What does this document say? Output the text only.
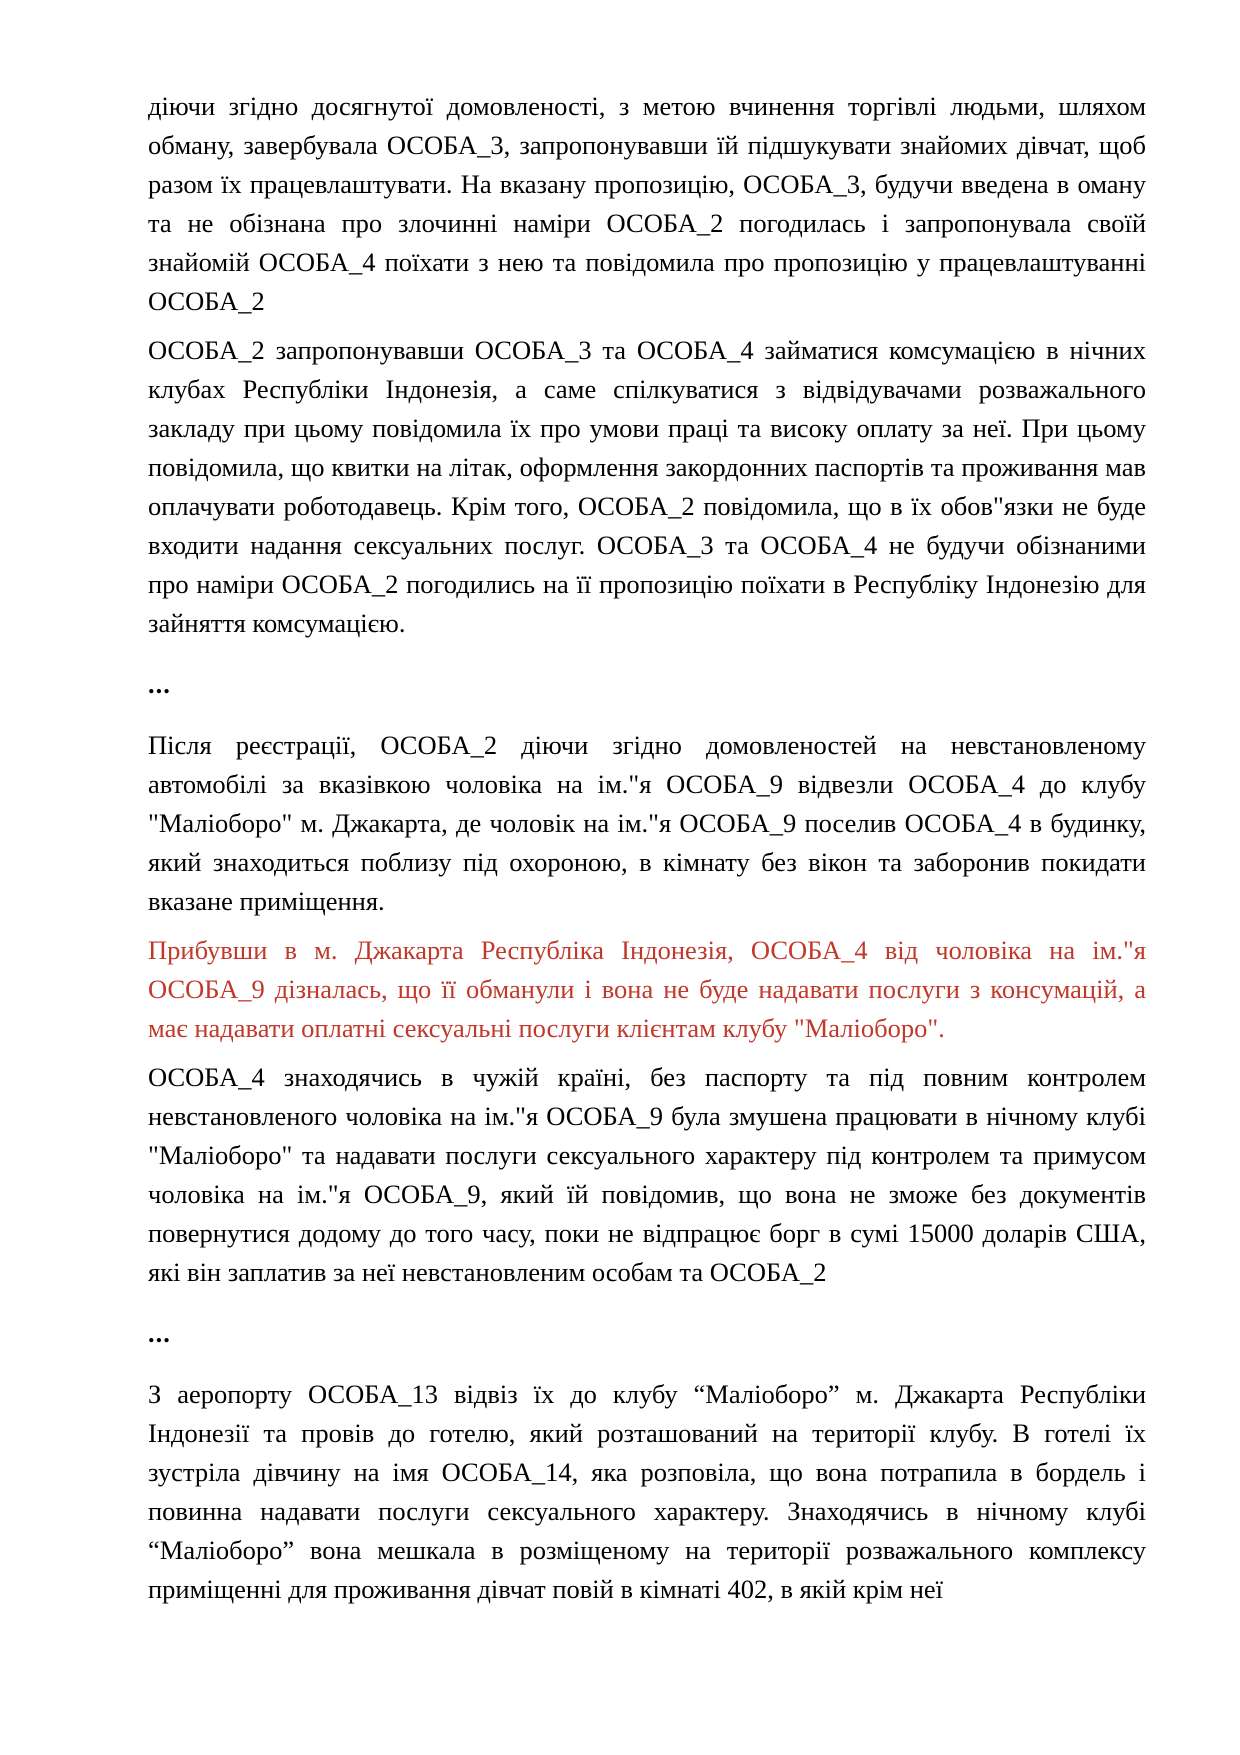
діючи згідно досягнутої домовленості, з метою вчинення торгівлі людьми, шляхом обману, завербувала ОСОБА_3, запропонувавши їй підшукувати знайомих дівчат, щоб разом їх працевлаштувати. На вказану пропозицію, ОСОБА_3, будучи введена в оману та не обізнана про злочинні наміри ОСОБА_2 погодилась і запропонувала своїй знайомій ОСОБА_4 поїхати з нею та повідомила про пропозицію у працевлаштуванні ОСОБА_2

ОСОБА_2 запропонувавши ОСОБА_3 та ОСОБА_4 займатися комсумацією в нічних клубах Республіки Індонезія, а саме спілкуватися з відвідувачами розважального закладу при цьому повідомила їх про умови праці та високу оплату за неї. При цьому повідомила, що квитки на літак, оформлення закордонних паспортів та проживання мав оплачувати роботодавець. Крім того, ОСОБА_2 повідомила, що в їх обов"язки не буде входити надання сексуальних послуг. ОСОБА_3 та ОСОБА_4 не будучи обізнаними про наміри ОСОБА_2 погодились на її пропозицію поїхати в Республіку Індонезію для зайняття комсумацією.

...

Після реєстрації, ОСОБА_2 діючи згідно домовленостей на невстановленому автомобілі за вказівкою чоловіка на ім."я ОСОБА_9 відвезли ОСОБА_4 до клубу "Маліоборо" м. Джакарта, де чоловік на ім."я ОСОБА_9 поселив ОСОБА_4 в будинку, який знаходиться поблизу під охороною, в кімнату без вікон та заборонив покидати вказане приміщення.

Прибувши в м. Джакарта Республіка Індонезія, ОСОБА_4 від чоловіка на ім."я ОСОБА_9 дізналась, що її обманули і вона не буде надавати послуги з консумацій, а має надавати оплатні сексуальні послуги клієнтам клубу "Маліоборо".

ОСОБА_4 знаходячись в чужій країні, без паспорту та під повним контролем невстановленого чоловіка на ім."я ОСОБА_9 була змушена працювати в нічному клубі "Маліоборо" та надавати послуги сексуального характеру під контролем та примусом чоловіка на ім."я ОСОБА_9, який їй повідомив, що вона не зможе без документів повернутися додому до того часу, поки не відпрацює борг в сумі 15000 доларів США, які він заплатив за неї невстановленим особам та ОСОБА_2

...

З аеропорту ОСОБА_13 відвіз їх до клубу “Маліоборо” м. Джакарта Республіки Індонезії та провів до готелю, який розташований на території клубу. В готелі їх зустріла дівчину на імя ОСОБА_14, яка розповіла, що вона потрапила в бордель і повинна надавати послуги сексуального характеру. Знаходячись в нічному клубі “Маліоборо” вона мешкала в розміщеному на території розважального комплексу приміщенні для проживання дівчат повій в кімнаті 402, в якій крім неї
